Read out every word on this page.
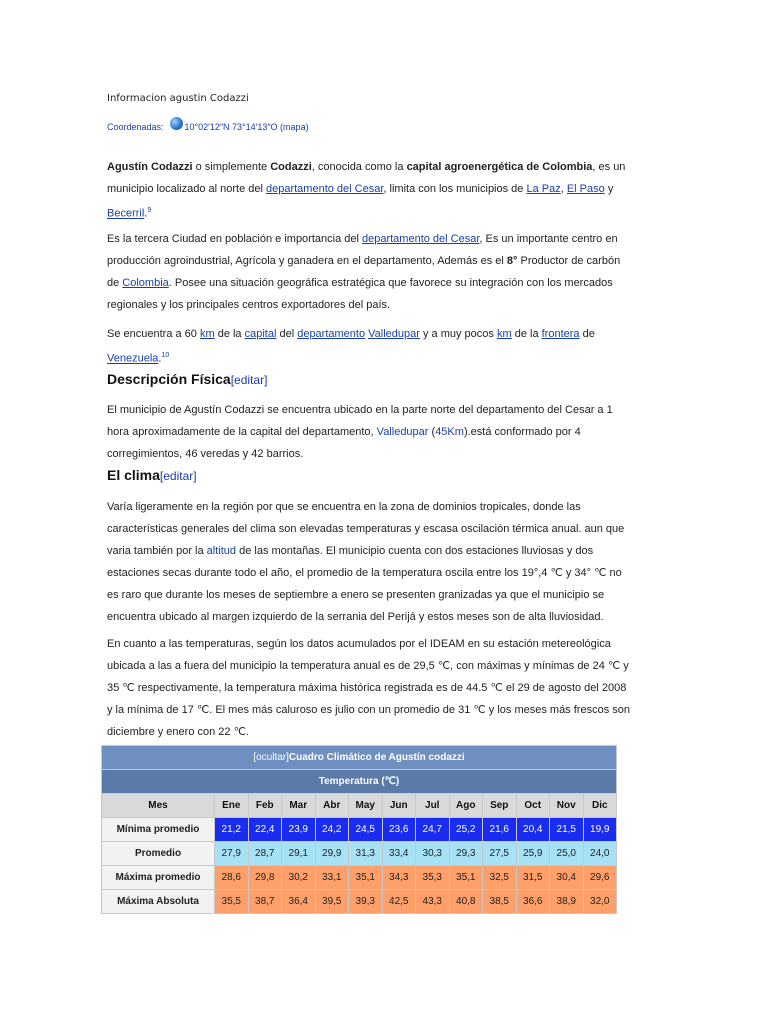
Informacion agustin Codazzi
Coordenadas: 10°02′12″N 73°14′13″O (mapa)

Agustín Codazzi o simplemente Codazzi, conocida como la capital agroenergética de Colombia, es un municipio localizado al norte del departamento del Cesar, limita con los municipios de La Paz, El Paso y Becerril.$^9$

Es la tercera Ciudad en población e importancia del departamento del Cesar, Es un importante centro en producción agroindustrial, Agrícola y ganadera en el departamento, Además es el 8° Productor de carbón de Colombia. Posee una situación geográfica estratégica que favorece su integración con los mercados regionales y los principales centros exportadores del país.

Se encuentra a 60 km de la capital del departamento Valledupar y a muy pocos km de la frontera de Venezuela.$^{10}$

Descripción Física[editar]

El municipio de Agustín Codazzi se encuentra ubicado en la parte norte del departamento del Cesar a 1 hora aproximadamente de la capital del departamento, Valledupar (45Km).está conformado por 4 corregimientos, 46 veredas y 42 barrios.

El clima[editar]

Varía ligeramente en la región por que se encuentra en la zona de dominios tropicales, donde las características generales del clima son elevadas temperaturas y escasa oscilación térmica anual. aun que varia también por la altitud de las montañas. El municipio cuenta con dos estaciones lluviosas y dos estaciones secas durante todo el año, el promedio de la temperatura oscila entre los 19°,4 ℃ y 34° ℃ no es raro que durante los meses de septiembre a enero se presenten granizadas ya que el municipio se encuentra ubicado al margen izquierdo de la serrania del Perijá y estos meses son de alta lluviosidad.

En cuanto a las temperaturas, según los datos acumulados por el IDEAM en su estación metereológica ubicada a las a fuera del municipio la temperatura anual es de 29,5 ℃, con máximas y mínimas de 24 ℃ y 35 ℃ respectivamente, la temperatura máxima histórica registrada es de 44.5 ℃ el 29 de agosto del 2008 y la mínima de 17 ℃. El mes más caluroso es julio con un promedio de 31 ℃ y los meses más frescos son diciembre y enero con 22 ℃.

[ocultar]Cuadro Climático de Agustín codazzi												
Temperatura (℃)												
Mes	Ene	Feb	Mar	Abr	May	Jun	Jul	Ago	Sep	Oct	Nov	Dic
Mínima promedio	21,2	22,4	23,9	24,2	24,5	23,6	24,7	25,2	21,6	20,4	21,5	19,9
Promedio	27,9	28,7	29,1	29,9	31,3	33,4	30,3	29,3	27,5	25,9	25,0	24,0
Máxima promedio	28,6	29,8	30,2	33,1	35,1	34,3	35,3	35,1	32,5	31,5	30,4	29,6
Máxima Absoluta	35,5	38,7	36,4	39,5	39,3	42,5	43,3	40,8	38,5	36,6	38,9	32,0
